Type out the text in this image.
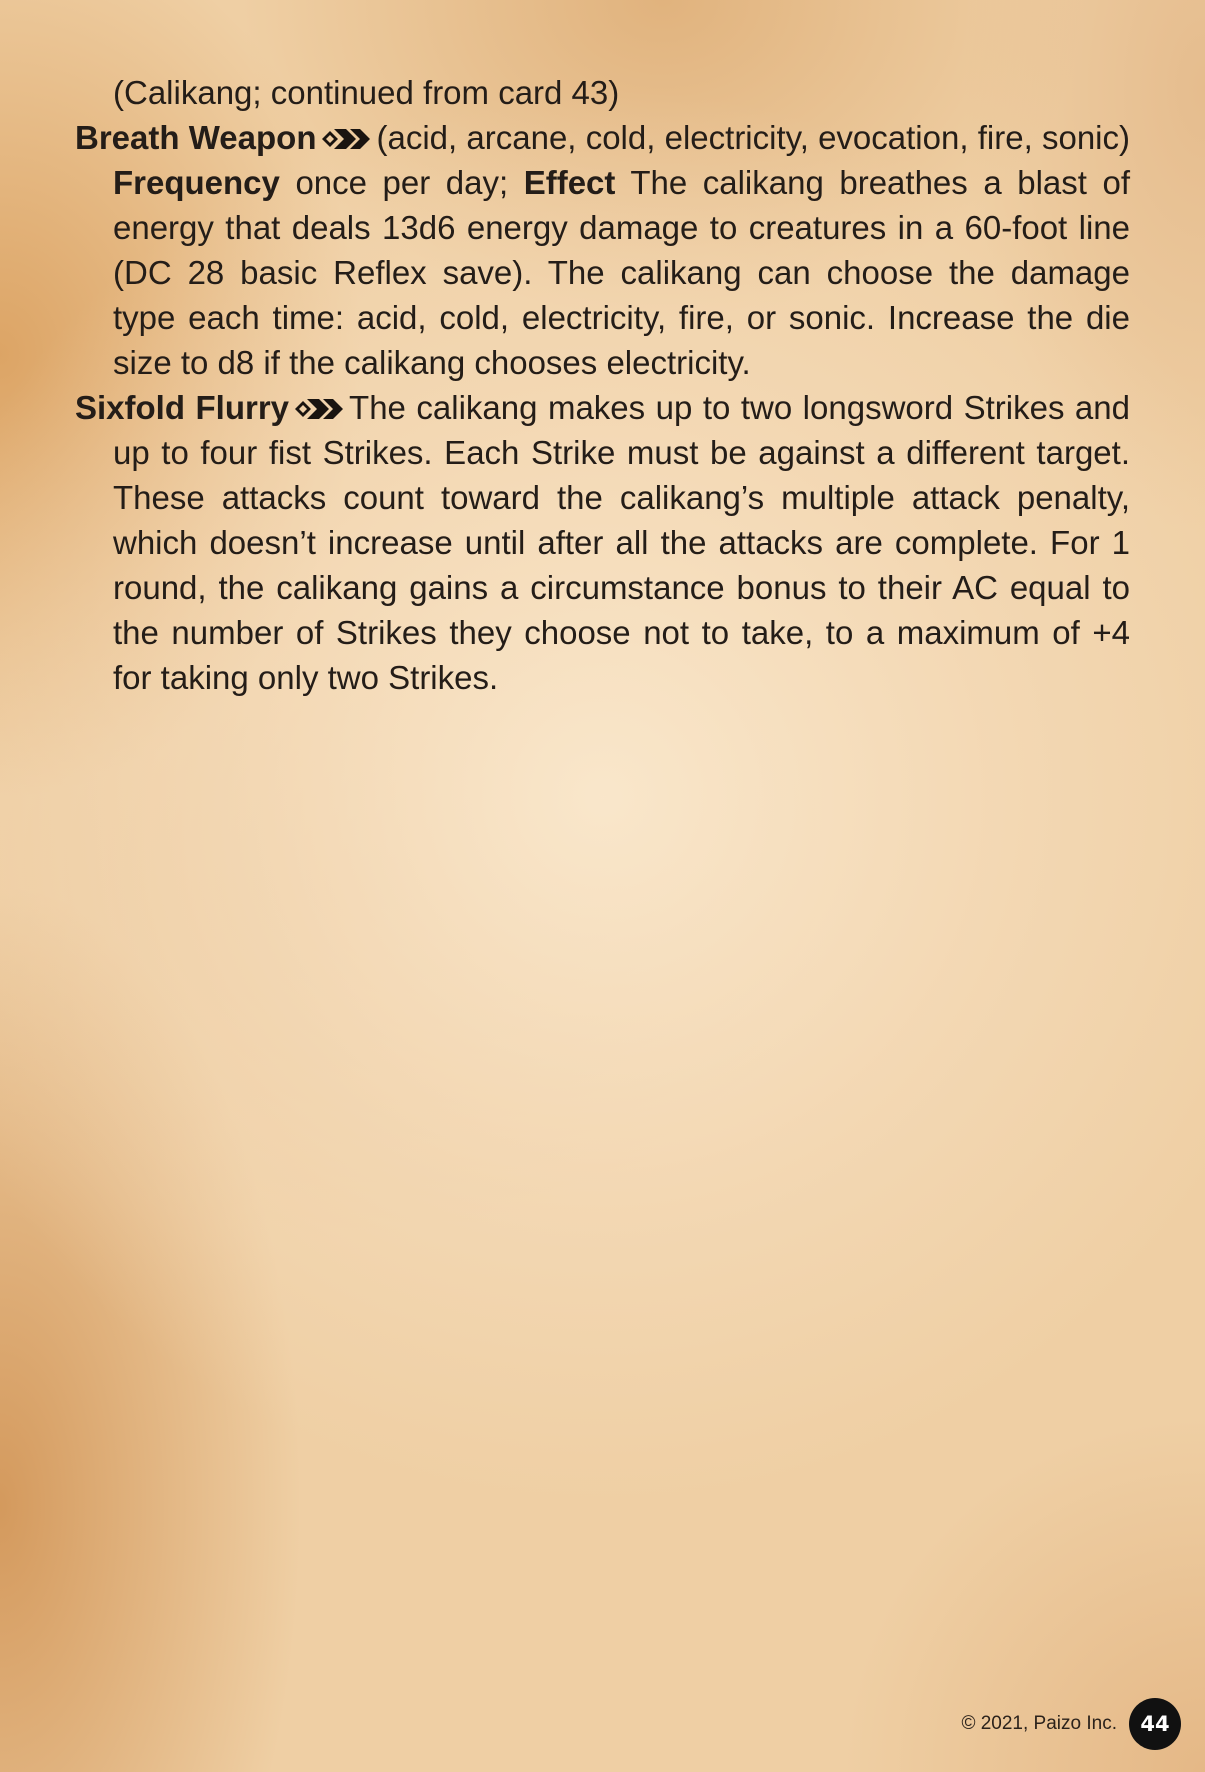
(Calikang; continued from card 43)

Breath Weapon (acid, arcane, cold, electricity, evocation, fire, sonic) Frequency once per day; Effect The calikang breathes a blast of energy that deals 13d6 energy damage to creatures in a 60-foot line (DC 28 basic Reflex save). The calikang can choose the damage type each time: acid, cold, electricity, fire, or sonic. Increase the die size to d8 if the calikang chooses electricity.

Sixfold Flurry The calikang makes up to two longsword Strikes and up to four fist Strikes. Each Strike must be against a different target. These attacks count toward the calikang’s multiple attack penalty, which doesn’t increase until after all the attacks are complete. For 1 round, the calikang gains a circumstance bonus to their AC equal to the number of Strikes they choose not to take, to a maximum of +4 for taking only two Strikes.

© 2021, Paizo Inc.	44
